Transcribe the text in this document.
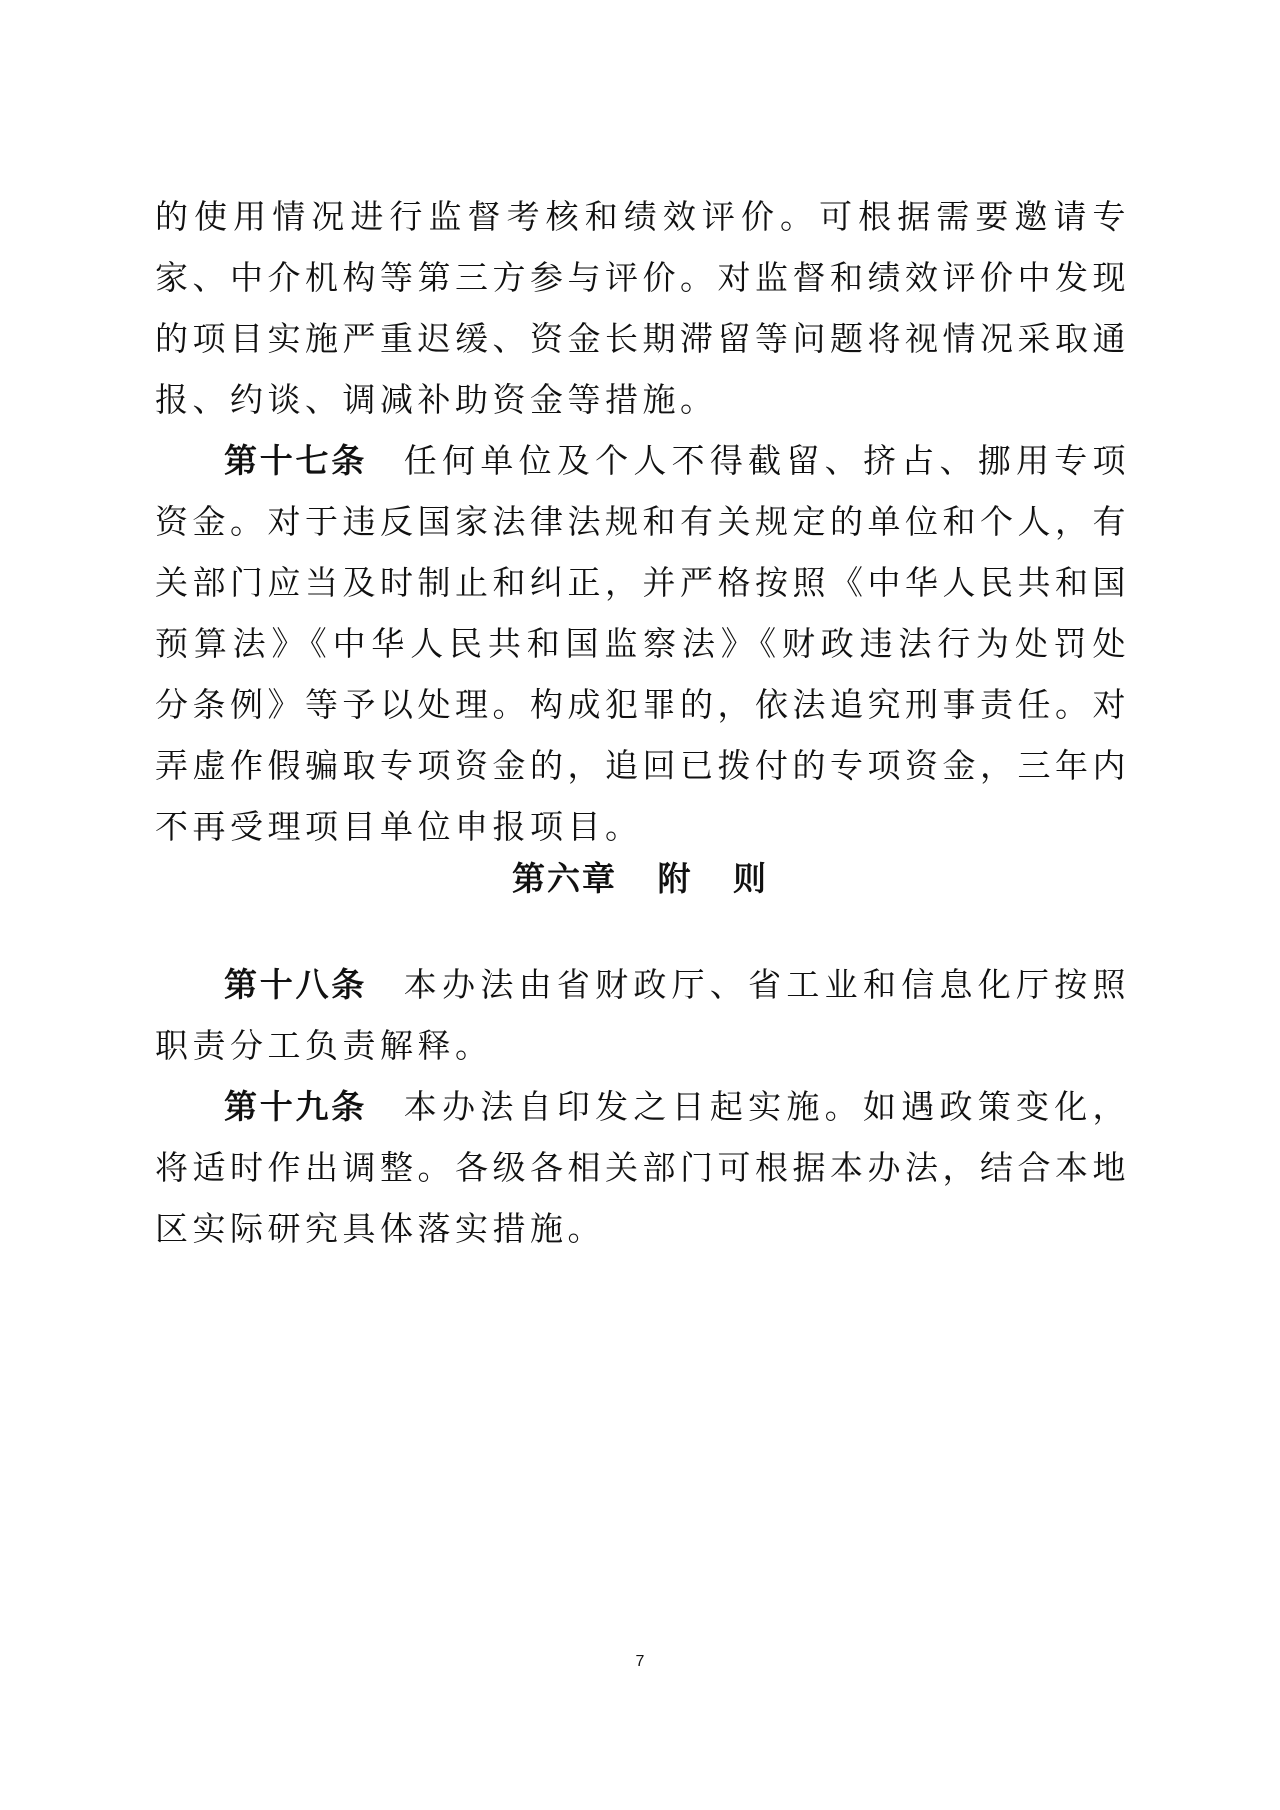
的使用情况进行监督考核和绩效评价。可根据需要邀请专家、中介机构等第三方参与评价。对监督和绩效评价中发现的项目实施严重迟缓、资金长期滞留等问题将视情况采取通报、约谈、调减补助资金等措施。
第十七条 任何单位及个人不得截留、挤占、挪用专项资金。对于违反国家法律法规和有关规定的单位和个人，有关部门应当及时制止和纠正，并严格按照《中华人民共和国预算法》《中华人民共和国监察法》《财政违法行为处罚处分条例》等予以处理。构成犯罪的，依法追究刑事责任。对弄虚作假骗取专项资金的，追回已拨付的专项资金，三年内不再受理项目单位申报项目。
第六章   附   则
第十八条 本办法由省财政厅、省工业和信息化厅按照职责分工负责解释。
第十九条 本办法自印发之日起实施。如遇政策变化，将适时作出调整。各级各相关部门可根据本办法，结合本地区实际研究具体落实措施。
7
